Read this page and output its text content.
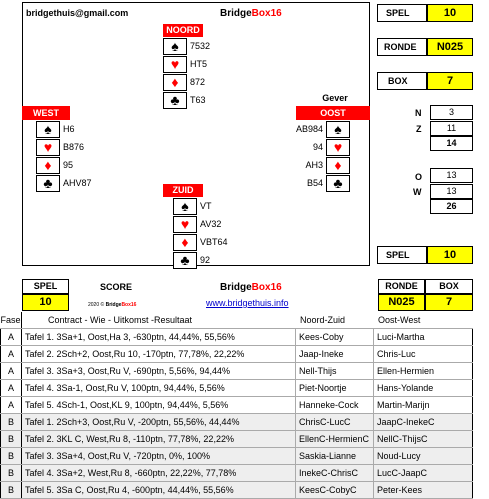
bridgethuis@gmail.com	BridgeBox16
NOORD
♠	7532
♥	HT5
♦	872
♣	T63
WEST
♠	H6
♥	B876
♦	95
♣	AHV87
Gever
OOST
AB984 ♠
94 ♥
AH3 ♦
B54 ♣
ZUID
♠	VT
♥	AV32
♦	VBT64
♣	92
SPEL	10
RONDE	N025
BOX	7
N	3
Z	11
14
O	13
W	13
26
SPEL	10
SPEL
10
SCORE
2020 © BridgeBox16
BridgeBox16
www.bridgethuis.info
RONDE
N025
BOX
7
Fase	Contract - Wie - Uitkomst -Resultaat	Noord-Zuid	Oost-West
A	Tafel 1. 3Sa+1, Oost,Ha 3, -630ptn, 44,44%, 55,56%	Kees-Coby	Luci-Martha
A	Tafel 2. 2Sch+2, Oost,Ru 10, -170ptn, 77,78%, 22,22%	Jaap-Ineke	Chris-Luc
A	Tafel 3. 3Sa+3, Oost,Ru V, -690ptn, 5,56%, 94,44%	Nell-Thijs	Ellen-Hermien
A	Tafel 4. 3Sa-1, Oost,Ru V, 100ptn, 94,44%, 5,56%	Piet-Noortje	Hans-Yolande
A	Tafel 5. 4Sch-1, Oost,KL 9, 100ptn, 94,44%, 5,56%	Hanneke-Cock	Martin-Marijn
B	Tafel 1. 2Sch+3, Oost,Ru V, -200ptn, 55,56%, 44,44%	ChrisC-LucC	JaapC-InekeC
B	Tafel 2. 3KL C, West,Ru 8, -110ptn, 77,78%, 22,22%	EllenC-HermienC NellC-ThijsC
B	Tafel 3. 3Sa+4, Oost,Ru V, -720ptn, 0%, 100%	Saskia-Lianne	Noud-Lucy
B	Tafel 4. 3Sa+2, West,Ru 8, -660ptn, 22,22%, 77,78%	InekeC-ChrisC	LucC-JaapC
B	Tafel 5. 3Sa C, Oost,Ru 4, -600ptn, 44,44%, 55,56%	KeesC-CobyC	Peter-Kees
